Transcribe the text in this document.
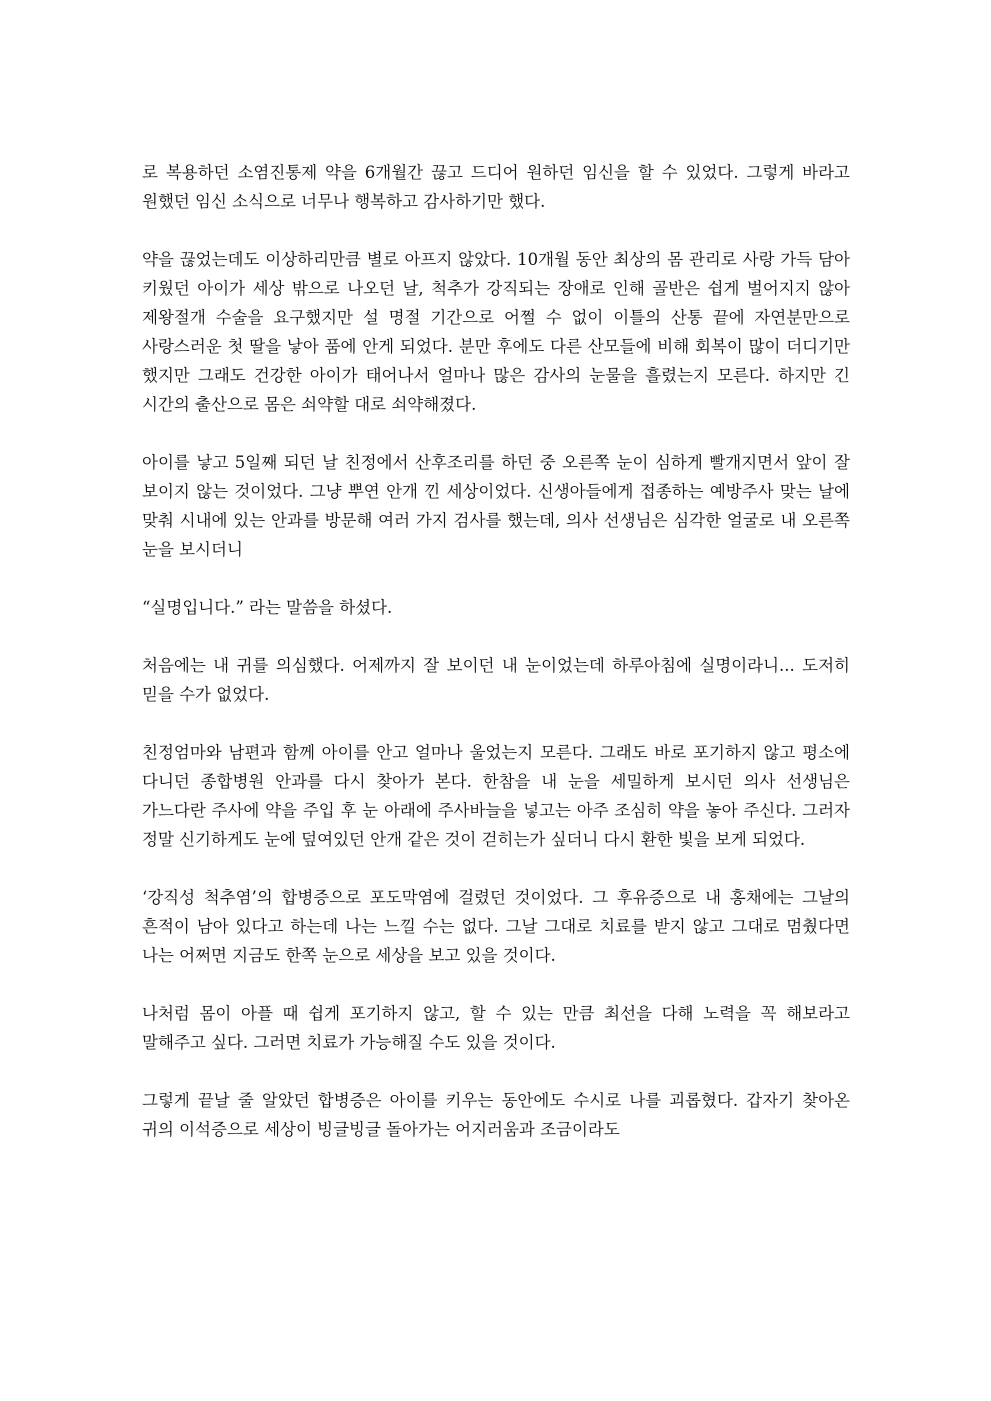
로 복용하던 소염진통제 약을 6개월간 끊고 드디어 원하던 임신을 할 수 있었다. 그렇게 바라고 원했던 임신 소식으로 너무나 행복하고 감사하기만 했다.

약을 끊었는데도 이상하리만큼 별로 아프지 않았다. 10개월 동안 최상의 몸 관리로 사랑 가득 담아 키웠던 아이가 세상 밖으로 나오던 날, 척추가 강직되는 장애로 인해 골반은 쉽게 벌어지지 않아 제왕절개 수술을 요구했지만 설 명절 기간으로 어쩔 수 없이 이틀의 산통 끝에 자연분만으로 사랑스러운 첫 딸을 낳아 품에 안게 되었다. 분만 후에도 다른 산모들에 비해 회복이 많이 더디기만 했지만 그래도 건강한 아이가 태어나서 얼마나 많은 감사의 눈물을 흘렸는지 모른다. 하지만 긴 시간의 출산으로 몸은 쇠약할 대로 쇠약해졌다.

아이를 낳고 5일째 되던 날 친정에서 산후조리를 하던 중 오른쪽 눈이 심하게 빨개지면서 앞이 잘 보이지 않는 것이었다. 그냥 뿌연 안개 낀 세상이었다. 신생아들에게 접종하는 예방주사 맞는 날에 맞춰 시내에 있는 안과를 방문해 여러 가지 검사를 했는데, 의사 선생님은 심각한 얼굴로 내 오른쪽 눈을 보시더니

“실명입니다.” 라는 말씀을 하셨다.

처음에는 내 귀를 의심했다. 어제까지 잘 보이던 내 눈이었는데 하루아침에 실명이라니... 도저히 믿을 수가 없었다.

친정엄마와 남편과 함께 아이를 안고 얼마나 울었는지 모른다. 그래도 바로 포기하지 않고 평소에 다니던 종합병원 안과를 다시 찾아가 본다. 한참을 내 눈을 세밀하게 보시던 의사 선생님은 가느다란 주사에 약을 주입 후 눈 아래에 주사바늘을 넣고는 아주 조심히 약을 놓아 주신다. 그러자 정말 신기하게도 눈에 덮여있던 안개 같은 것이 걷히는가 싶더니 다시 환한 빛을 보게 되었다.

‘강직성 척추염’의 합병증으로 포도막염에 걸렸던 것이었다. 그 후유증으로 내 홍채에는 그날의 흔적이 남아 있다고 하는데 나는 느낄 수는 없다. 그날 그대로 치료를 받지 않고 그대로 멈췄다면 나는 어쩌면 지금도 한쪽 눈으로 세상을 보고 있을 것이다.

나처럼 몸이 아플 때 쉽게 포기하지 않고, 할 수 있는 만큼 최선을 다해 노력을 꼭 해보라고 말해주고 싶다. 그러면 치료가 가능해질 수도 있을 것이다.

그렇게 끝날 줄 알았던 합병증은 아이를 키우는 동안에도 수시로 나를 괴롭혔다. 갑자기 찾아온 귀의 이석증으로 세상이 빙글빙글 돌아가는 어지러움과 조금이라도
